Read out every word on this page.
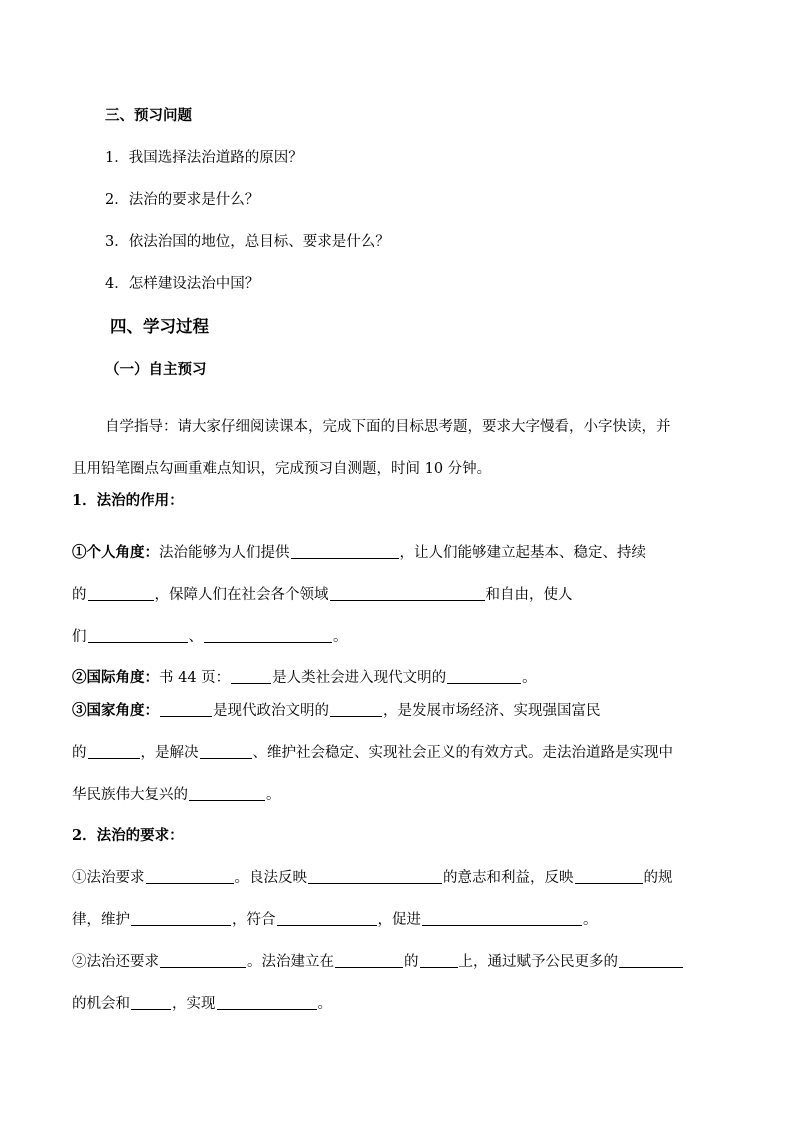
三、预习问题
1．我国选择法治道路的原因？
2．法治的要求是什么？
3．依法治国的地位，总目标、要求是什么？
4．怎样建设法治中国？
四、学习过程
（一）自主预习
自学指导：请大家仔细阅读课本，完成下面的目标思考题，要求大字慢看，小字快读，并
且用铅笔圈点勾画重难点知识，完成预习自测题，时间 10 分钟。
1．法治的作用：
①个人角度：法治能够为人们提供	，让人们能够建立起基本、稳定、持续
的	，保障人们在社会各个领域	和自由，使人
们	、	。
②国际角度：书 44 页：	是人类社会进入现代文明的	。
③国家角度：	是现代政治文明的	，是发展市场经济、实现强国富民
的	，是解决	、维护社会稳定、实现社会正义的有效方式。走法治道路是实现中
华民族伟大复兴的	。
2．法治的要求：
①法治要求	。良法反映	的意志和利益，反映	的规
律，维护	，符合	，促进	。
②法治还要求	。法治建立在	的	上，通过赋予公民更多的
的机会和	，实现	。
